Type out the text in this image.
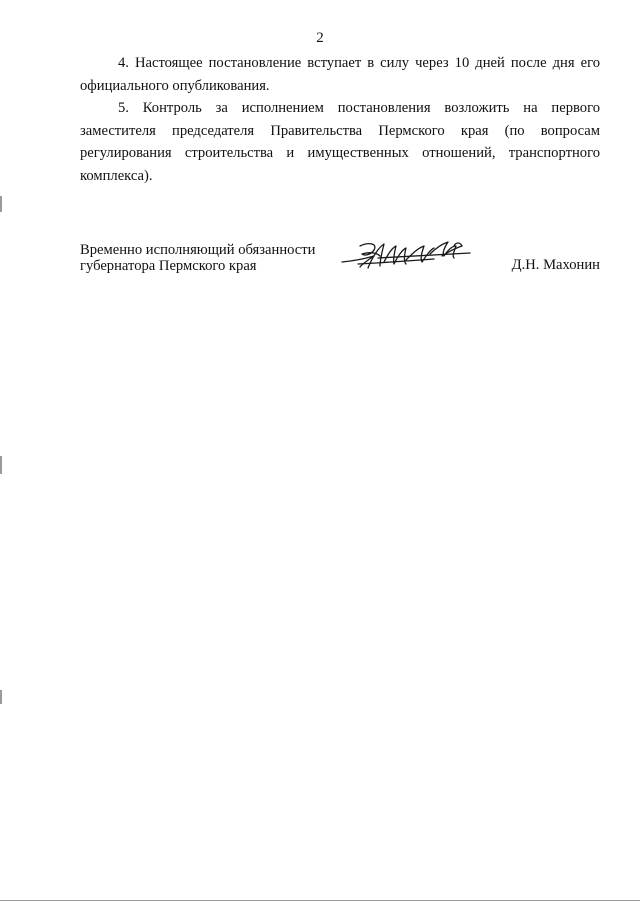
2

4. Настоящее постановление вступает в силу через 10 дней после дня его официального опубликования.

5. Контроль за исполнением постановления возложить на первого заместителя председателя Правительства Пермского края (по вопросам регулирования строительства и имущественных отношений, транспортного комплекса).

Временно исполняющий обязанности
губернатора Пермского края	Д.Н. Махонин
